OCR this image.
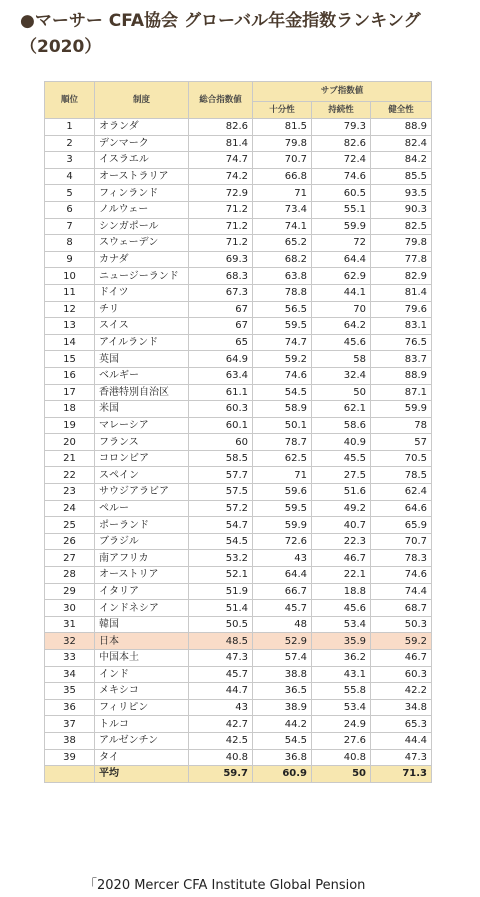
●マーサー CFA協会 グローバル年金指数ランキング（2020）
順位	制度	総合指数値	サブ指数値		
			十分性	持続性	健全性
1	オランダ	82.6	81.5	79.3	88.9
2	デンマーク	81.4	79.8	82.6	82.4
3	イスラエル	74.7	70.7	72.4	84.2
4	オーストラリア	74.2	66.8	74.6	85.5
5	フィンランド	72.9	71	60.5	93.5
6	ノルウェー	71.2	73.4	55.1	90.3
7	シンガポール	71.2	74.1	59.9	82.5
8	スウェーデン	71.2	65.2	72	79.8
9	カナダ	69.3	68.2	64.4	77.8
10	ニュージーランド	68.3	63.8	62.9	82.9
11	ドイツ	67.3	78.8	44.1	81.4
12	チリ	67	56.5	70	79.6
13	スイス	67	59.5	64.2	83.1
14	アイルランド	65	74.7	45.6	76.5
15	英国	64.9	59.2	58	83.7
16	ベルギー	63.4	74.6	32.4	88.9
17	香港特別自治区	61.1	54.5	50	87.1
18	米国	60.3	58.9	62.1	59.9
19	マレーシア	60.1	50.1	58.6	78
20	フランス	60	78.7	40.9	57
21	コロンビア	58.5	62.5	45.5	70.5
22	スペイン	57.7	71	27.5	78.5
23	サウジアラビア	57.5	59.6	51.6	62.4
24	ペルー	57.2	59.5	49.2	64.6
25	ポーランド	54.7	59.9	40.7	65.9
26	ブラジル	54.5	72.6	22.3	70.7
27	南アフリカ	53.2	43	46.7	78.3
28	オーストリア	52.1	64.4	22.1	74.6
29	イタリア	51.9	66.7	18.8	74.4
30	インドネシア	51.4	45.7	45.6	68.7
31	韓国	50.5	48	53.4	50.3
32	日本	48.5	52.9	35.9	59.2
33	中国本土	47.3	57.4	36.2	46.7
34	インド	45.7	38.8	43.1	60.3
35	メキシコ	44.7	36.5	55.8	42.2
36	フィリピン	43	38.9	53.4	34.8
37	トルコ	42.7	44.2	24.9	65.3
38	アルゼンチン	42.5	54.5	27.6	44.4
39	タイ	40.8	36.8	40.8	47.3
	平均	59.7	60.9	50	71.3
「2020 Mercer CFA Institute Global Pension
